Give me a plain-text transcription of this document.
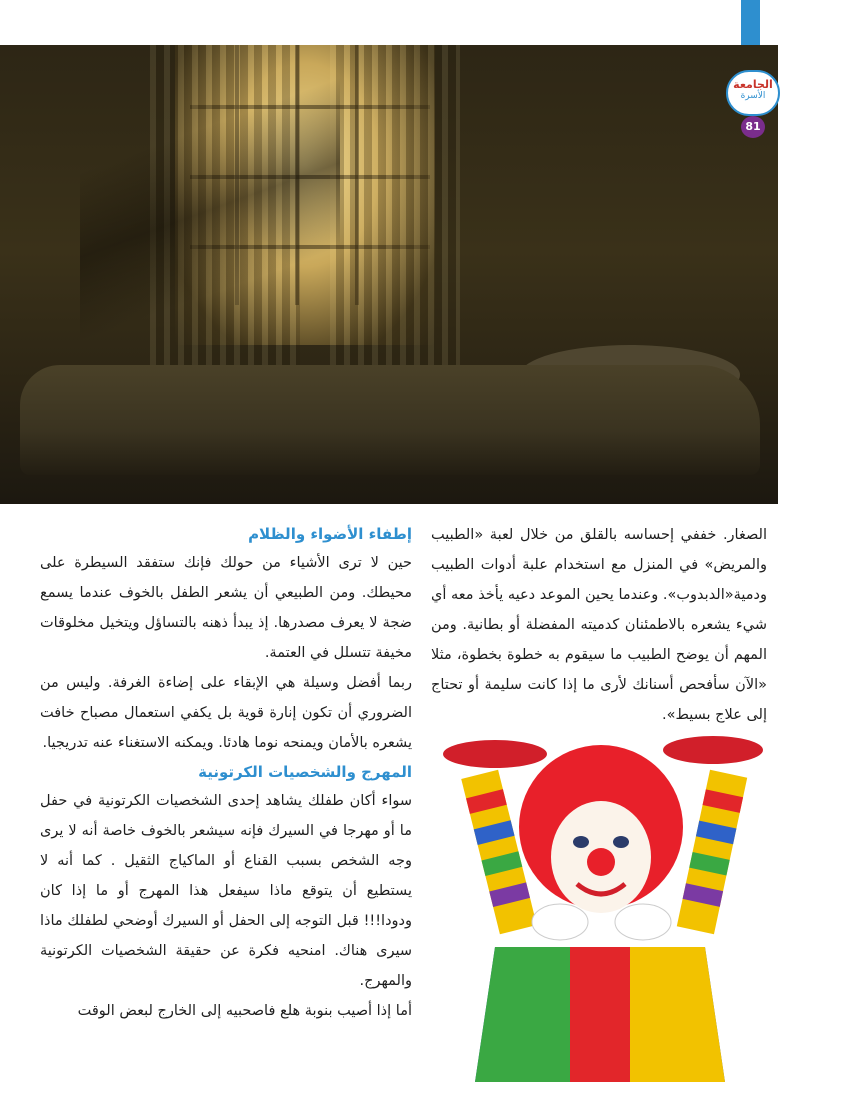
الجامعة
الأسرة
81

الصغار. خففي إحساسه بالقلق من خلال لعبة «الطبيب والمريض» في المنزل مع استخدام علبة أدوات الطبيب ودمية«الدبدوب». وعندما يحين الموعد دعيه يأخذ معه أي شيء يشعره بالاطمئنان كدميته المفضلة أو بطانية. ومن المهم أن يوضح الطبيب ما سيقوم به خطوة بخطوة، مثلا «الآن سأفحص أسنانك لأرى ما إذا كانت سليمة أو تحتاج إلى علاج بسيط».

إطفاء الأضواء والظلام

حين لا ترى الأشياء من حولك فإنك ستفقد السيطرة على محيطك. ومن الطبيعي أن يشعر الطفل بالخوف عندما يسمع ضجة لا يعرف مصدرها. إذ يبدأ ذهنه بالتساؤل ويتخيل مخلوقات مخيفة تتسلل في العتمة.

ربما أفضل وسيلة هي الإبقاء على إضاءة الغرفة. وليس من الضروري أن تكون إنارة قوية بل يكفي استعمال مصباح خافت يشعره بالأمان ويمنحه نوما هادئا. ويمكنه الاستغناء عنه تدريجيا.

المهرج والشخصيات الكرتونية

سواء أكان طفلك يشاهد إحدى الشخصيات الكرتونية في حفل ما أو مهرجا في السيرك فإنه سيشعر بالخوف خاصة أنه لا يرى وجه الشخص بسبب القناع أو الماكياج الثقيل . كما أنه لا يستطيع أن يتوقع ماذا سيفعل هذا المهرج أو ما إذا كان ودودا!!! قبل التوجه إلى الحفل أو السيرك أوضحي لطفلك ماذا سيرى هناك. امنحيه فكرة عن حقيقة الشخصيات الكرتونية والمهرج.

أما إذا أصيب بنوبة هلع فاصحبيه إلى الخارج لبعض الوقت
